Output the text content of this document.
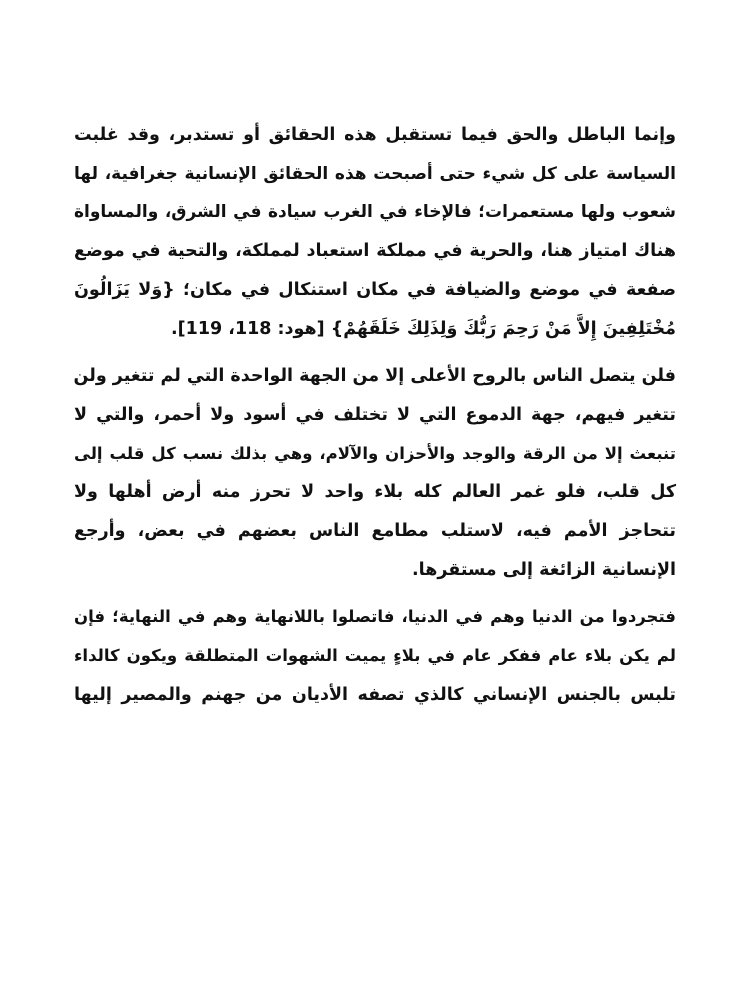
وإنما الباطل والحق فيما تستقبل هذه الحقائق أو تستدبر، وقد غلبت
السياسة على كل شيء حتى أصبحت هذه الحقائق الإنسانية جغرافية، لها
شعوب ولها مستعمرات؛ فالإخاء في الغرب سيادة في الشرق، والمساواة
هناك امتياز هنا، والحرية في مملكة استعباد لمملكة، والتحية في موضع
صفعة في موضع والضيافة في مكان استنكال في مكان؛ {وَلا يَزَالُونَ
مُخْتَلِفِينَ إِلاَّ مَنْ رَحِمَ رَبُّكَ وَلِذَلِكَ خَلَقَهُمْ} [هود: 118، 119].

فلن يتصل الناس بالروح الأعلى إلا من الجهة الواحدة التي لم تتغير ولن
تتغير فيهم، جهة الدموع التي لا تختلف في أسود ولا أحمر، والتي لا
تنبعث إلا من الرقة والوجد والأحزان والآلام، وهي بذلك نسب كل قلب إلى
كل قلب، فلو غمر العالم كله بلاء واحد لا تحرز منه أرض أهلها ولا
تتحاجز الأمم فيه، لاستلب مطامع الناس بعضهم في بعض، وأرجع
الإنسانية الزائغة إلى مستقرها.

فتجردوا من الدنيا وهم في الدنيا، فاتصلوا باللانهاية وهم في النهاية؛ فإن
لم يكن بلاء عام ففكر عام في بلاءٍ يميت الشهوات المتطلقة ويكون كالداء
تلبس بالجنس الإنساني كالذي تصفه الأديان من جهنم والمصير إليها
